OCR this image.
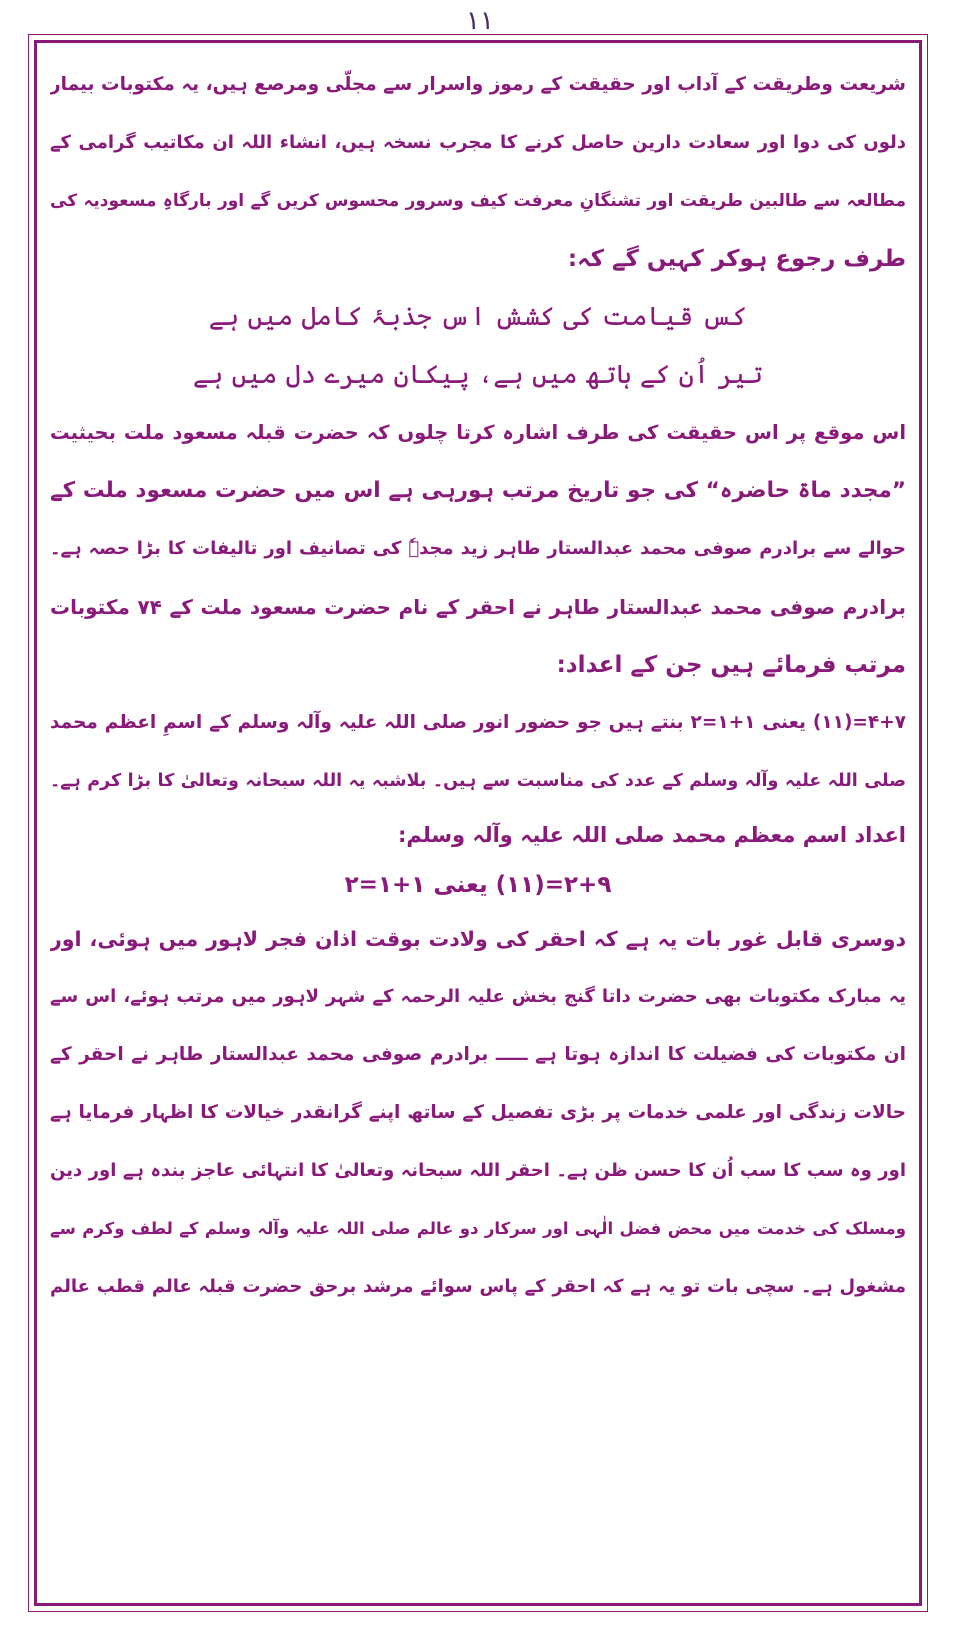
۱۱
شریعت وطریقت کے آداب اور حقیقت کے رموز واسرار سے مجلّی ومرصع ہیں، یہ مکتوبات بیمار
دلوں کی دوا اور سعادت دارین حاصل کرنے کا مجرب نسخہ ہیں، انشاء اللہ ان مکاتیب گرامی کے
مطالعہ سے طالبین طریقت اور تشنگانِ معرفت کیف وسرور محسوس کریں گے اور بارگاہِ مسعودیہ کی
طرف رجوع ہوکر کہیں گے کہ:
کس قیامت کی کشش اس جذبۂ کامل میں ہے
تیر اُن کے ہاتھ میں ہے، پیکان میرے دل میں ہے
اس موقع پر اس حقیقت کی طرف اشارہ کرتا چلوں کہ حضرت قبلہ مسعود ملت بحیثیت
”مجدد ماۃ حاضرہ“ کی جو تاریخ مرتب ہورہی ہے اس میں حضرت مسعود ملت کے
حوالے سے برادرم صوفی محمد عبدالستار طاہر زید مجدہٗ کی تصانیف اور تالیفات کا بڑا حصہ ہے۔
برادرم صوفی محمد عبدالستار طاہر نے احقر کے نام حضرت مسعود ملت کے ۷۴ مکتوبات
مرتب فرمائے ہیں جن کے اعداد:
۴+۷=(۱۱) یعنی ۱+۱=۲ بنتے ہیں جو حضور انور صلی اللہ علیہ وآلہ وسلم کے اسمِ اعظم محمد
صلی اللہ علیہ وآلہ وسلم کے عدد کی مناسبت سے ہیں۔ بلاشبہ یہ اللہ سبحانہ وتعالیٰ کا بڑا کرم ہے۔
اعداد اسم معظم محمد صلی اللہ علیہ وآلہ وسلم:
۲+۹=(۱۱) یعنی ۱+۱=۲
دوسری قابل غور بات یہ ہے کہ احقر کی ولادت بوقت اذان فجر لاہور میں ہوئی، اور
یہ مبارک مکتوبات بھی حضرت داتا گنج بخش علیہ الرحمہ کے شہر لاہور میں مرتب ہوئے، اس سے
ان مکتوبات کی فضیلت کا اندازہ ہوتا ہے ـــــ برادرم صوفی محمد عبدالستار طاہر نے احقر کے
حالات زندگی اور علمی خدمات پر بڑی تفصیل کے ساتھ اپنے گرانقدر خیالات کا اظہار فرمایا ہے
اور وہ سب کا سب اُن کا حسن ظن ہے۔ احقر اللہ سبحانہ وتعالیٰ کا انتہائی عاجز بندہ ہے اور دین
ومسلک کی خدمت میں محض فضل الٰہی اور سرکار دو عالم صلی اللہ علیہ وآلہ وسلم کے لطف وکرم سے
مشغول ہے۔ سچی بات تو یہ ہے کہ احقر کے پاس سوائے مرشد برحق حضرت قبلہ عالم قطب عالم
